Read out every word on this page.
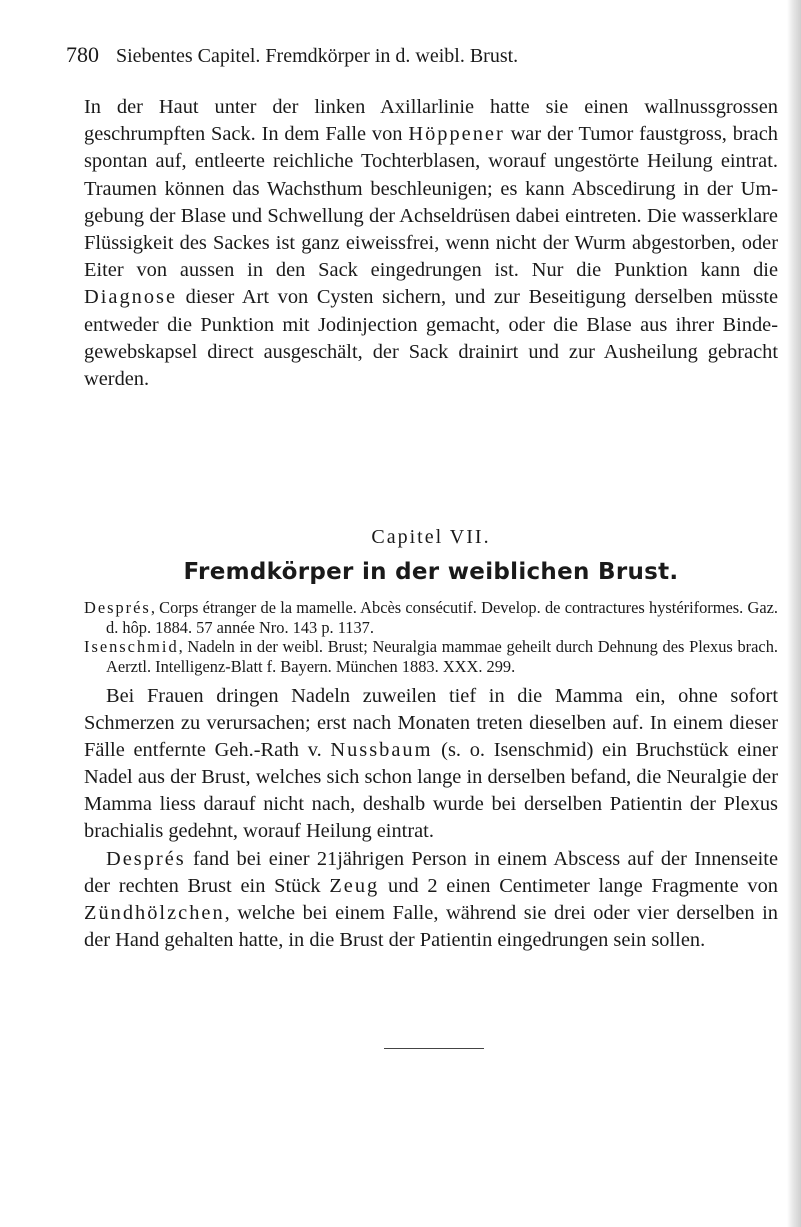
780 Siebentes Capitel. Fremdkörper in d. weibl. Brust.

In der Haut unter der linken Axillarlinie hatte sie einen wallnussgrossen geschrumpften Sack. In dem Falle von Höppener war der Tumor faustgross, brach spontan auf, entleerte reichliche Tochterblasen, worauf ungestörte Heilung eintrat. Traumen können das Wachsthum beschleunigen; es kann Abscedirung in der Umgebung der Blase und Schwellung der Achseldrüsen dabei eintreten. Die wasserklare Flüssigkeit des Sackes ist ganz eiweissfrei, wenn nicht der Wurm abgestorben, oder Eiter von aussen in den Sack eingedrungen ist. Nur die Punktion kann die Diagnose dieser Art von Cysten sichern, und zur Beseitigung derselben müsste entweder die Punktion mit Jodinjection gemacht, oder die Blase aus ihrer Bindegewebskapsel direct ausgeschält, der Sack drainirt und zur Ausheilung gebracht werden.

Capitel VII.
Fremdkörper in der weiblichen Brust.

Després, Corps étranger de la mamelle. Abcès consécutif. Develop. de contractures hystériformes. Gaz. d. hôp. 1884. 57 année Nro. 143 p. 1137.

Isenschmid, Nadeln in der weibl. Brust; Neuralgia mammae geheilt durch Dehnung des Plexus brach. Aerztl. Intelligenz-Blatt f. Bayern. München 1883. XXX. 299.

Bei Frauen dringen Nadeln zuweilen tief in die Mamma ein, ohne sofort Schmerzen zu verursachen; erst nach Monaten treten dieselben auf. In einem dieser Fälle entfernte Geh.-Rath v. Nussbaum (s. o. Isenschmid) ein Bruchstück einer Nadel aus der Brust, welches sich schon lange in derselben befand, die Neuralgie der Mamma liess darauf nicht nach, deshalb wurde bei derselben Patientin der Plexus brachialis gedehnt, worauf Heilung eintrat.

Després fand bei einer 21jährigen Person in einem Abscess auf der Innenseite der rechten Brust ein Stück Zeug und 2 einen Centimeter lange Fragmente von Zündhölzchen, welche bei einem Falle, während sie drei oder vier derselben in der Hand gehalten hatte, in die Brust der Patientin eingedrungen sein sollen.
